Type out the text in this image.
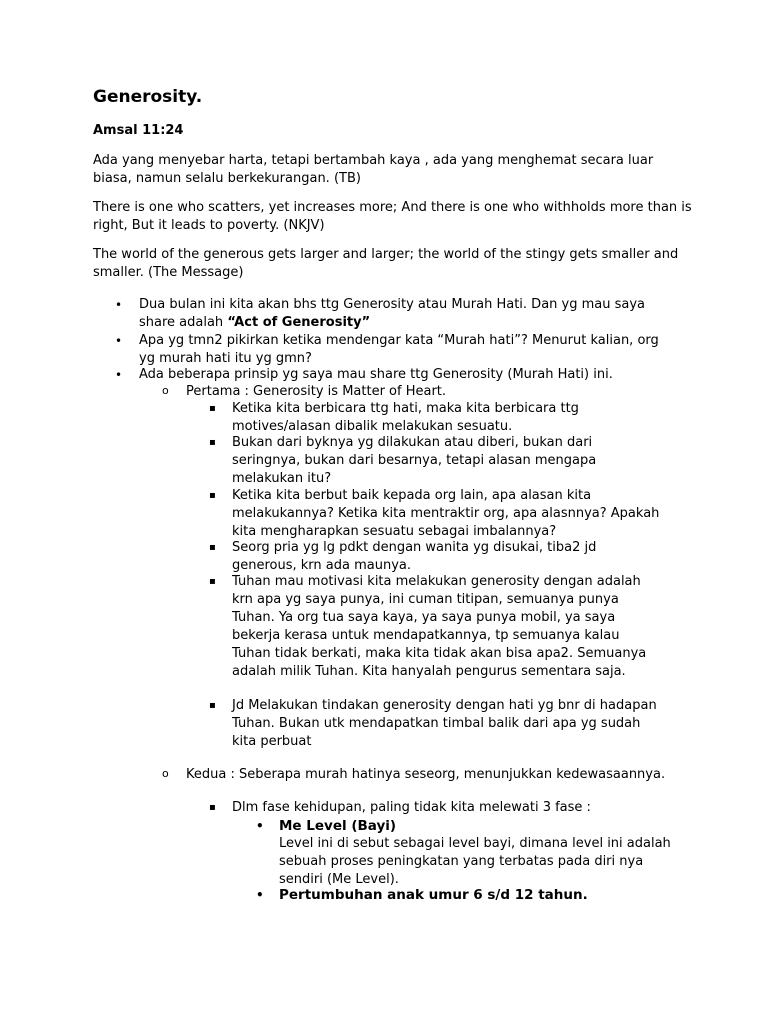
Generosity.
Amsal 11:24
Ada yang menyebar harta, tetapi bertambah kaya , ada yang menghemat secara luar biasa, namun selalu berkekurangan. (TB)
There is one who scatters, yet increases more; And there is one who withholds more than is right, But it leads to poverty. (NKJV)
The world of the generous gets larger and larger; the world of the stingy gets smaller and smaller. (The Message)
• Dua bulan ini kita akan bhs ttg Generosity atau Murah Hati. Dan yg mau saya share adalah “Act of Generosity”
• Apa yg tmn2 pikirkan ketika mendengar kata “Murah hati”? Menurut kalian, org yg murah hati itu yg gmn?
• Ada beberapa prinsip yg saya mau share ttg Generosity (Murah Hati) ini.
o Pertama : Generosity is Matter of Heart.
▪ Ketika kita berbicara ttg hati, maka kita berbicara ttg motives/alasan dibalik melakukan sesuatu.
▪ Bukan dari byknya yg dilakukan atau diberi, bukan dari seringnya, bukan dari besarnya, tetapi alasan mengapa melakukan itu?
▪ Ketika kita berbut baik kepada org lain, apa alasan kita melakukannya? Ketika kita mentraktir org, apa alasnnya? Apakah kita mengharapkan sesuatu sebagai imbalannya?
▪ Seorg pria yg lg pdkt dengan wanita yg disukai, tiba2 jd generous, krn ada maunya.
▪ Tuhan mau motivasi kita melakukan generosity dengan adalah krn apa yg saya punya, ini cuman titipan, semuanya punya Tuhan. Ya org tua saya kaya, ya saya punya mobil, ya saya bekerja kerasa untuk mendapatkannya, tp semuanya kalau Tuhan tidak berkati, maka kita tidak akan bisa apa2. Semuanya adalah milik Tuhan. Kita hanyalah pengurus sementara saja.
▪ Jd Melakukan tindakan generosity dengan hati yg bnr di hadapan Tuhan. Bukan utk mendapatkan timbal balik dari apa yg sudah kita perbuat
o Kedua : Seberapa murah hatinya seseorg, menunjukkan kedewasaannya.
▪ Dlm fase kehidupan, paling tidak kita melewati 3 fase :
• Me Level (Bayi)
Level ini di sebut sebagai level bayi, dimana level ini adalah sebuah proses peningkatan yang terbatas pada diri nya sendiri (Me Level).
• Pertumbuhan anak umur 6 s/d 12 tahun.
